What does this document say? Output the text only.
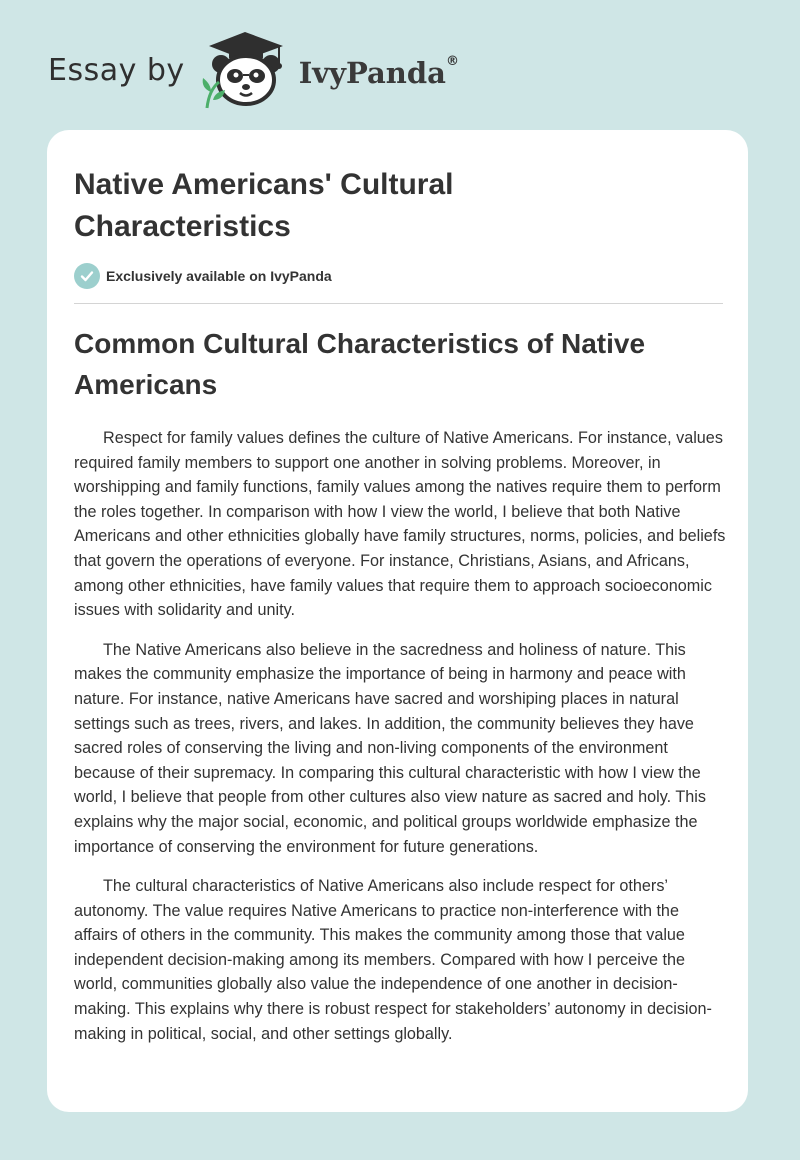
Essay by	IvyPanda®
Native Americans' Cultural Characteristics
Exclusively available on IvyPanda
Common Cultural Characteristics of Native Americans

Respect for family values defines the culture of Native Americans. For instance, values required family members to support one another in solving problems. Moreover, in worshipping and family functions, family values among the natives require them to perform the roles together. In comparison with how I view the world, I believe that both Native Americans and other ethnicities globally have family structures, norms, policies, and beliefs that govern the operations of everyone. For instance, Christians, Asians, and Africans, among other ethnicities, have family values that require them to approach socioeconomic issues with solidarity and unity.

The Native Americans also believe in the sacredness and holiness of nature. This makes the community emphasize the importance of being in harmony and peace with nature. For instance, native Americans have sacred and worshiping places in natural settings such as trees, rivers, and lakes. In addition, the community believes they have sacred roles of conserving the living and non-living components of the environment because of their supremacy. In comparing this cultural characteristic with how I view the world, I believe that people from other cultures also view nature as sacred and holy. This explains why the major social, economic, and political groups worldwide emphasize the importance of conserving the environment for future generations.

The cultural characteristics of Native Americans also include respect for others’ autonomy. The value requires Native Americans to practice non-interference with the affairs of others in the community. This makes the community among those that value independent decision-making among its members. Compared with how I perceive the world, communities globally also value the independence of one another in decision-making. This explains why there is robust respect for stakeholders’ autonomy in decision-making in political, social, and other settings globally.
